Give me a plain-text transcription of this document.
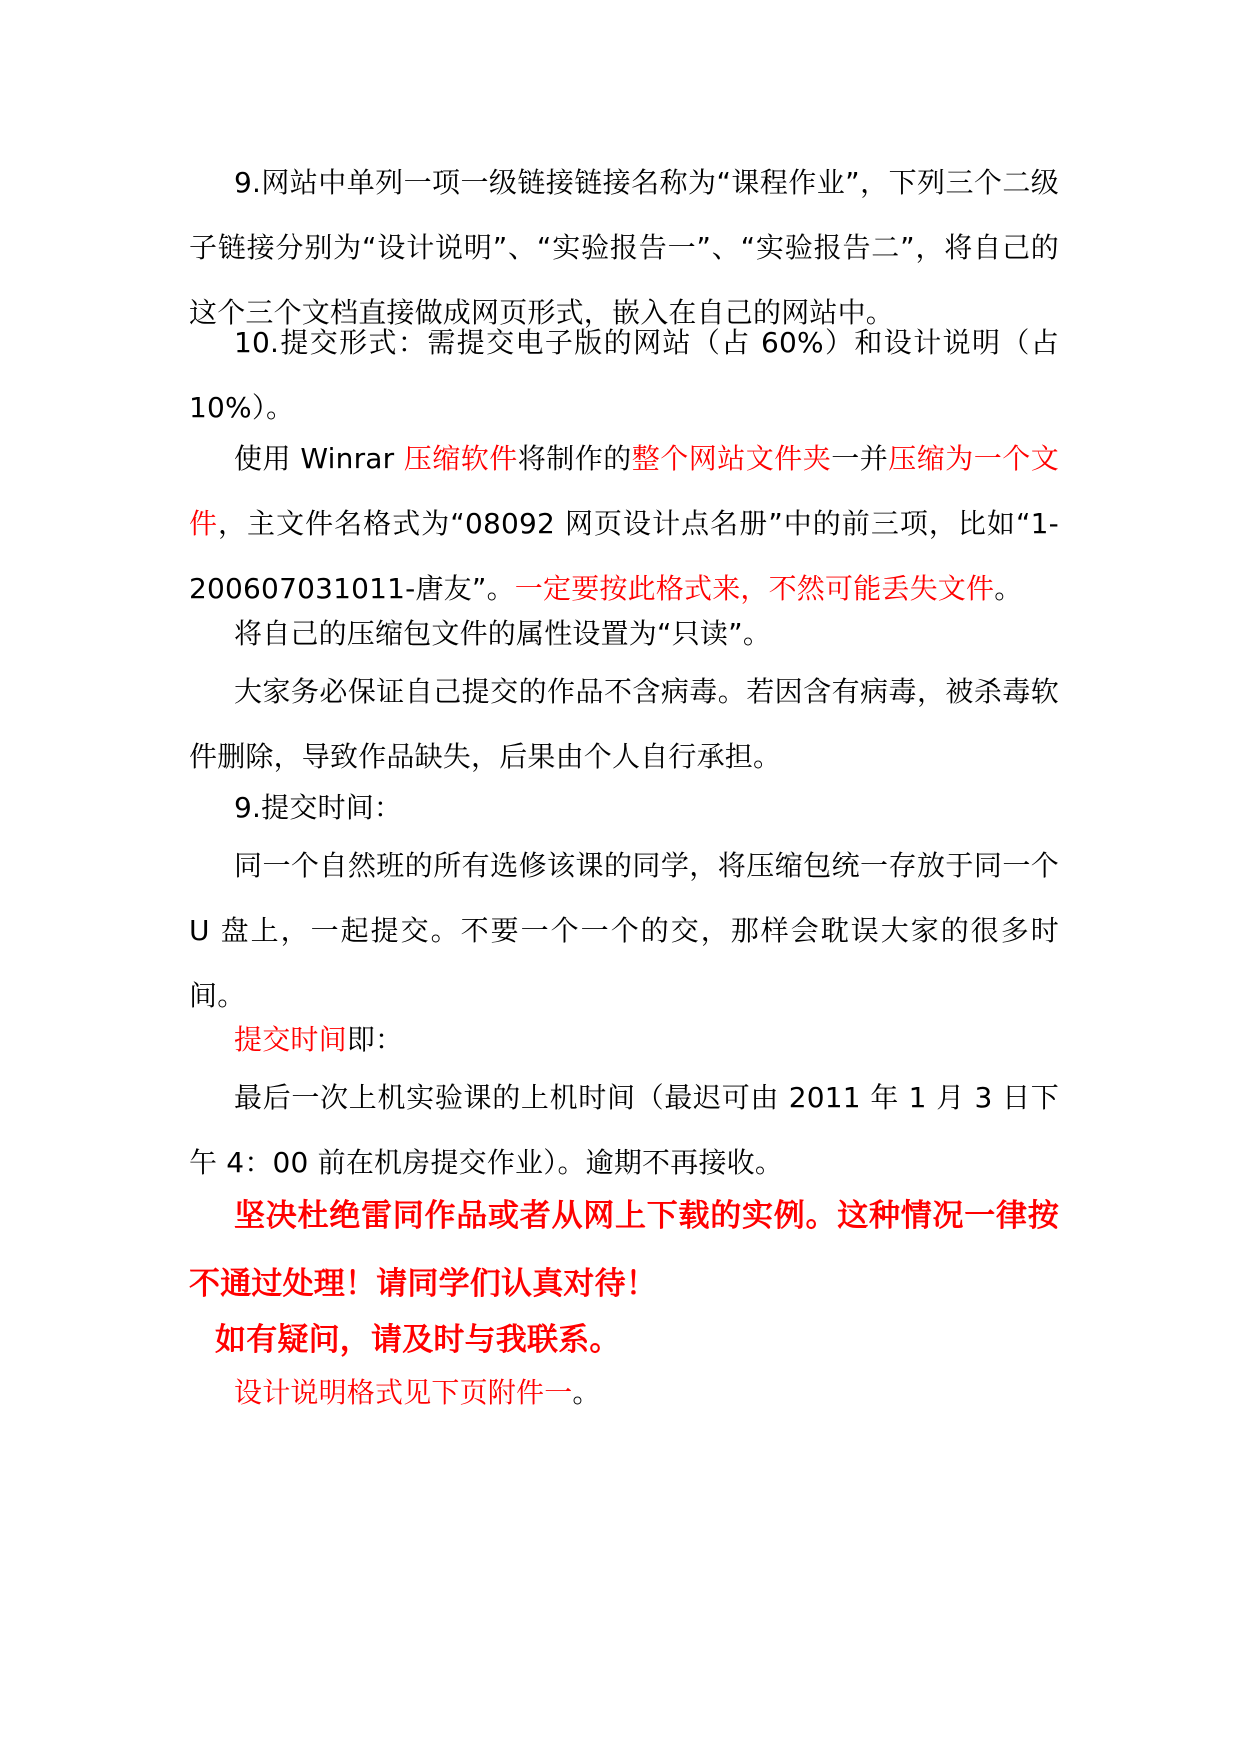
9.网站中单列一项一级链接链接名称为“课程作业”，下列三个二级子链接分别为“设计说明”、“实验报告一”、“实验报告二”，将自己的这个三个文档直接做成网页形式，嵌入在自己的网站中。

10.提交形式：需提交电子版的网站（占 60%）和设计说明（占 10%）。

使用 Winrar 压缩软件将制作的整个网站文件夹一并压缩为一个文件，主文件名格式为“08092 网页设计点名册”中的前三项，比如“1-200607031011-唐友”。一定要按此格式来，不然可能丢失文件。

将自己的压缩包文件的属性设置为“只读”。

大家务必保证自己提交的作品不含病毒。若因含有病毒，被杀毒软件删除，导致作品缺失，后果由个人自行承担。

9.提交时间：

同一个自然班的所有选修该课的同学，将压缩包统一存放于同一个 U 盘上，一起提交。不要一个一个的交，那样会耽误大家的很多时间。

提交时间即：

最后一次上机实验课的上机时间（最迟可由 2011 年 1 月 3 日下午 4：00 前在机房提交作业）。逾期不再接收。

坚决杜绝雷同作品或者从网上下载的实例。这种情况一律按不通过处理！请同学们认真对待！

如有疑问，请及时与我联系。

设计说明格式见下页附件一。
